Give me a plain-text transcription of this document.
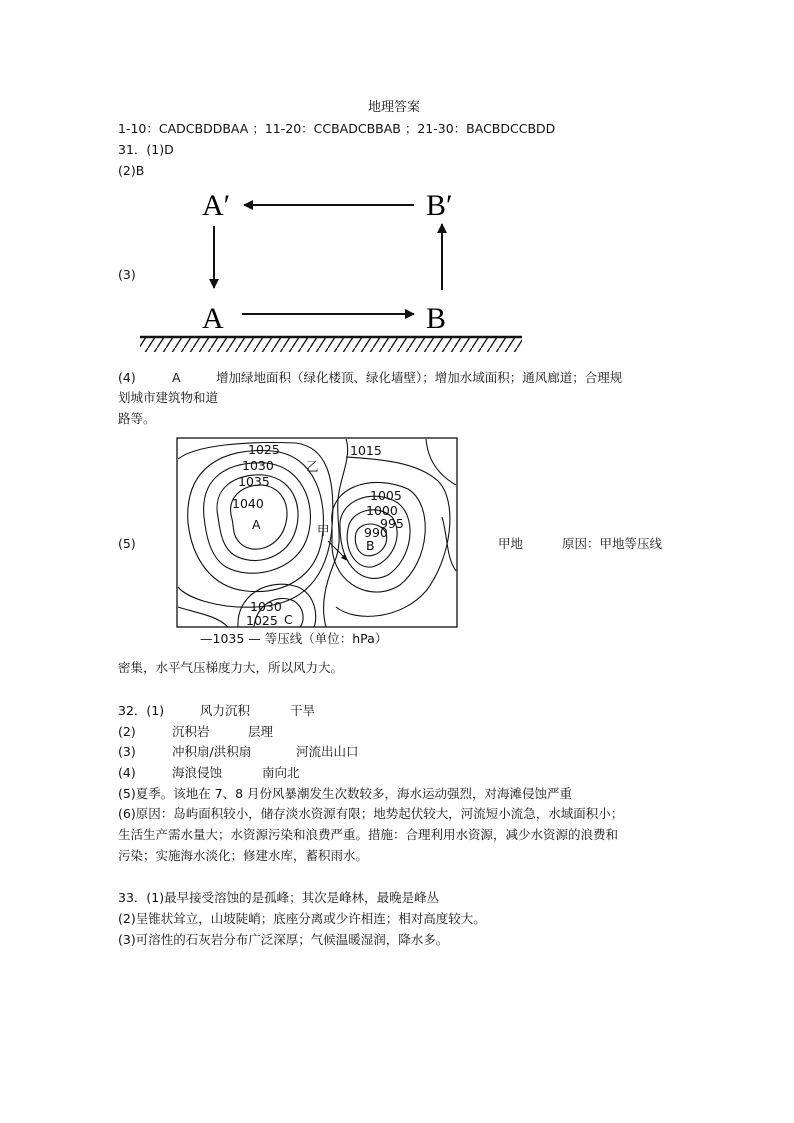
地理答案
1-10：CADCBDDBAA ；11-20：CCBADCBBAB ；21-30：BACBDCCBDD
31．(1)D
(2)B
(3)
A′	B′
A	B
(4)	A	增加绿地面积（绿化楼顶、绿化墙壁）；增加水域面积；通风廊道；合理规
划城市建筑物和道
路等。
(5)	甲地	原因：甲地等压线
密集，水平气压梯度力大，所以风力大。
1025
1030
1035
1040
A
乙
1015
1005
1000
995
990
B
甲
1030
1025 C
—1035 — 等压线（单位：hPa）
32．(1)	风力沉积	干旱
(2)	沉积岩	层理
(3)	冲积扇/洪积扇	河流出山口
(4)	海浪侵蚀	南向北
(5)夏季。该地在 7、8 月份风暴潮发生次数较多，海水运动强烈，对海滩侵蚀严重
(6)原因：岛屿面积较小，储存淡水资源有限；地势起伏较大，河流短小流急，水域面积小；
生活生产需水量大；水资源污染和浪费严重。措施：合理利用水资源，减少水资源的浪费和
污染；实施海水淡化；修建水库，蓄积雨水。
33．(1)最早接受溶蚀的是孤峰；其次是峰林，最晚是峰丛
(2)呈锥状耸立，山坡陡峭；底座分离或少许相连；相对高度较大。
(3)可溶性的石灰岩分布广泛深厚；气候温暖湿润，降水多。
